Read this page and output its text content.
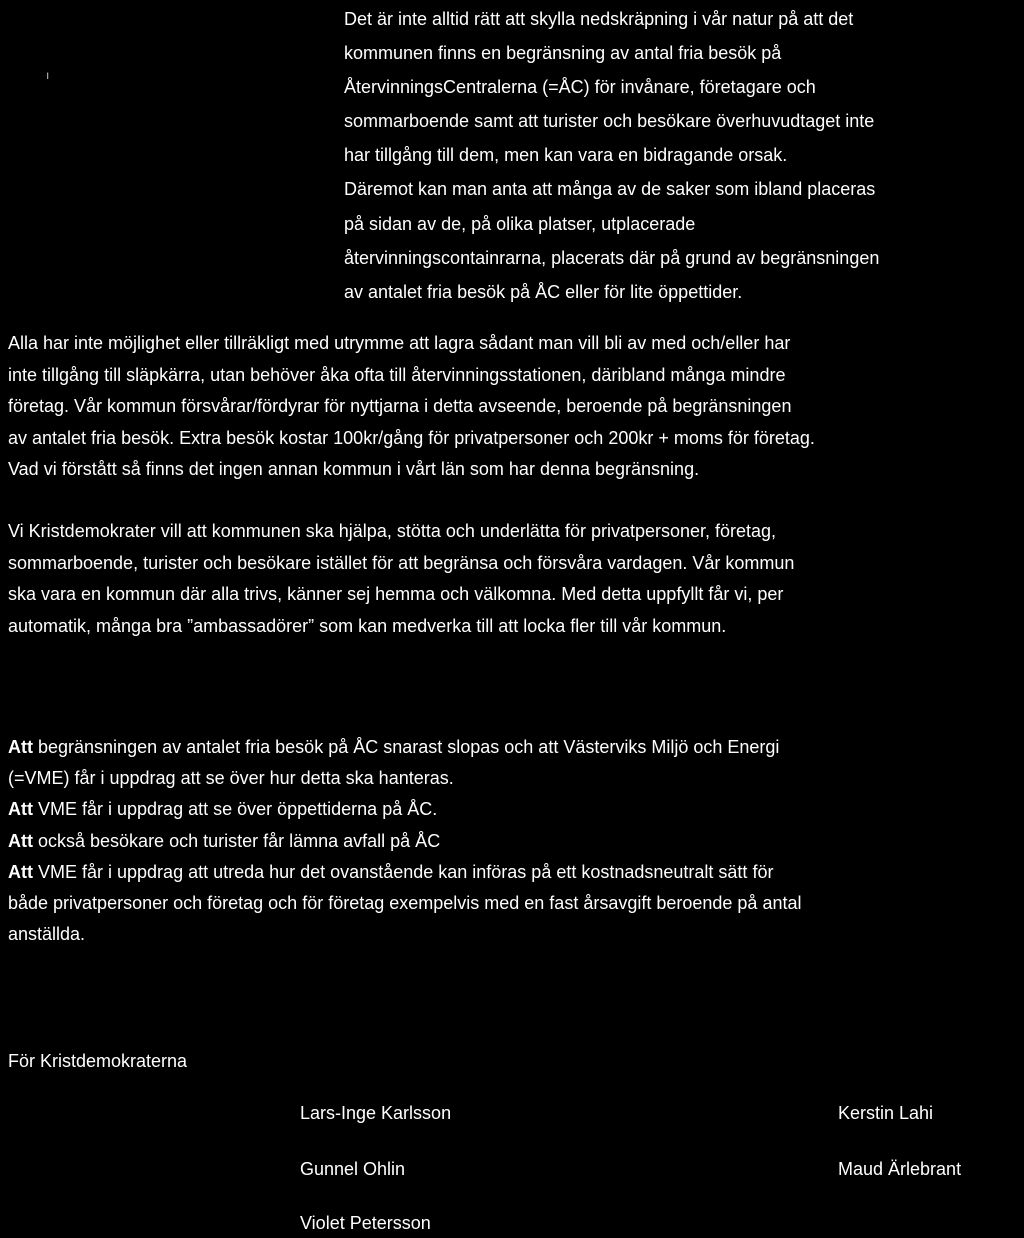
ı
Det är inte alltid rätt att skylla nedskräpning i vår natur på att det
kommunen finns en begränsning av antal fria besök på
ÅtervinningsCentralerna (=ÅC) för invånare, företagare och
sommarboende samt att turister och besökare överhuvudtaget inte
har tillgång till dem, men kan vara en bidragande orsak.
Däremot kan man anta att många av de saker som ibland placeras
på sidan av de, på olika platser, utplacerade
återvinningscontainrarna, placerats där på grund av begränsningen
av antalet fria besök på ÅC eller för lite öppettider.
Alla har inte möjlighet eller tillräkligt med utrymme att lagra sådant man vill bli av med och/eller har
inte tillgång till släpkärra, utan behöver åka ofta till återvinningsstationen, däribland många mindre
företag. Vår kommun försvårar/fördyrar för nyttjarna i detta avseende, beroende på begränsningen
av antalet fria besök. Extra besök kostar 100kr/gång för privatpersoner och 200kr + moms för företag.
Vad vi förstått så finns det ingen annan kommun i vårt län som har denna begränsning.
Vi Kristdemokrater vill att kommunen ska hjälpa, stötta och underlätta för privatpersoner, företag,
sommarboende, turister och besökare istället för att begränsa och försvåra vardagen. Vår kommun
ska vara en kommun där alla trivs, känner sej hemma och välkomna. Med detta uppfyllt får vi, per
automatik, många bra ”ambassadörer” som kan medverka till att locka fler till vår kommun.
Att begränsningen av antalet fria besök på ÅC snarast slopas och att Västerviks Miljö och Energi
(=VME) får i uppdrag att se över hur detta ska hanteras.
Att VME får i uppdrag att se över öppettiderna på ÅC.
Att också besökare och turister får lämna avfall på ÅC
Att VME får i uppdrag att utreda hur det ovanstående kan införas på ett kostnadsneutralt sätt för
både privatpersoner och företag och för företag exempelvis med en fast årsavgift beroende på antal
anställda.
För Kristdemokraterna
Lars-Inge Karlsson	Kerstin Lahi
Gunnel Ohlin	Maud Ärlebrant
Violet Petersson
